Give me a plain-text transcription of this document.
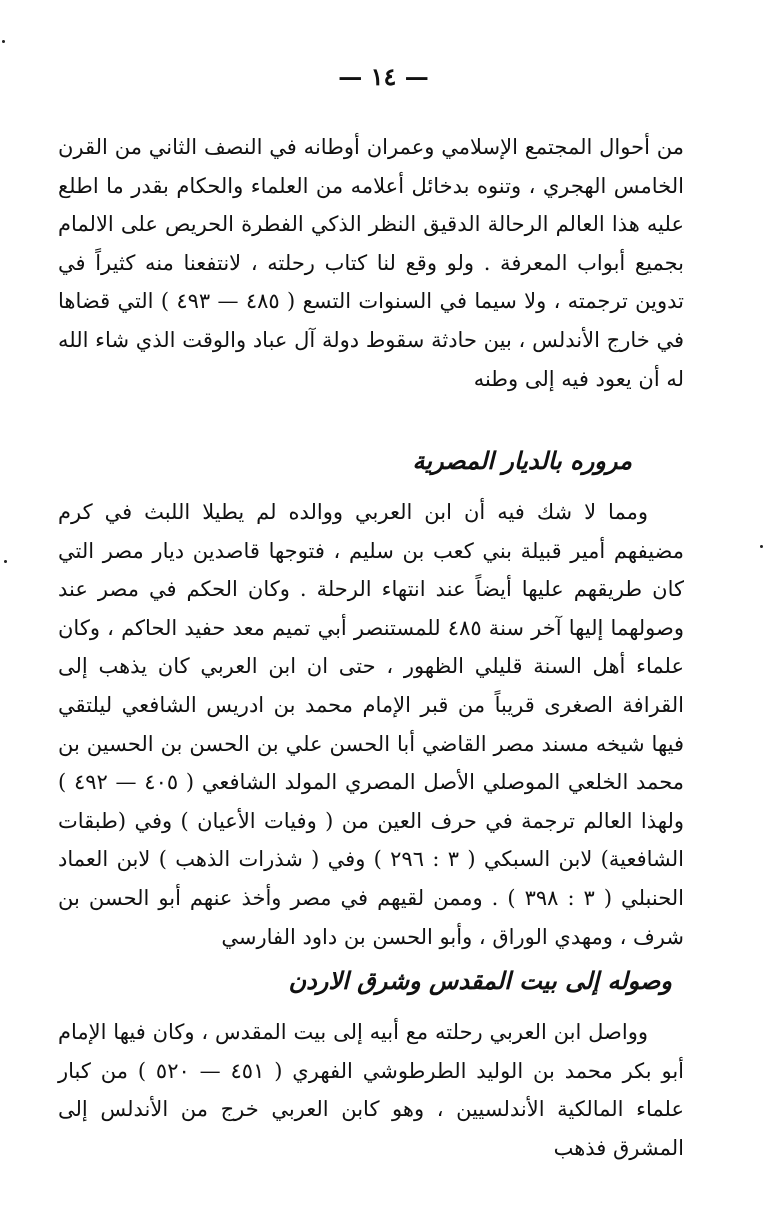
— ١٤ —

من أحوال المجتمع الإسلامي وعمران أوطانه في النصف الثاني من القرن الخامس الهجري ، وتنوه بدخائل أعلامه من العلماء والحكام بقدر ما اطلع عليه هذا العالم الرحالة الدقيق النظر الذكي الفطرة الحريص على الالمام بجميع أبواب المعرفة . ولو وقع لنا كتاب رحلته ، لانتفعنا منه كثيراً في تدوين ترجمته ، ولا سيما في السنوات التسع ( ٤٨٥ — ٤٩٣ ) التي قضاها في خارج الأندلس ، بين حادثة سقوط دولة آل عباد والوقت الذي شاء الله له أن يعود فيه إلى وطنه

مروره بالديار المصرية

ومما لا شك فيه أن ابن العربي ووالده لم يطيلا اللبث في كرم مضيفهم أمير قبيلة بني كعب بن سليم ، فتوجها قاصدين ديار مصر التي كان طريقهم عليها أيضاً عند انتهاء الرحلة . وكان الحكم في مصر عند وصولهما إليها آخر سنة ٤٨٥ للمستنصر أبي تميم معد حفيد الحاكم ، وكان علماء أهل السنة قليلي الظهور ، حتى ان ابن العربي كان يذهب إلى القرافة الصغرى قريباً من قبر الإمام محمد بن ادريس الشافعي ليلتقي فيها شيخه مسند مصر القاضي أبا الحسن علي بن الحسن بن الحسين بن محمد الخلعي الموصلي الأصل المصري المولد الشافعي ( ٤٠٥ — ٤٩٢ ) ولهذا العالم ترجمة في حرف العين من ( وفيات الأعيان ) وفي (طبقات الشافعية) لابن السبكي ( ٣ : ٢٩٦ ) وفي ( شذرات الذهب ) لابن العماد الحنبلي ( ٣ : ٣٩٨ ) . وممن لقيهم في مصر وأخذ عنهم أبو الحسن بن شرف ، ومهدي الوراق ، وأبو الحسن بن داود الفارسي

وصوله إلى بيت المقدس وشرق الاردن

وواصل ابن العربي رحلته مع أبيه إلى بيت المقدس ، وكان فيها الإمام أبو بكر محمد بن الوليد الطرطوشي الفهري ( ٤٥١ — ٥٢٠ ) من كبار علماء المالكية الأندلسيين ، وهو كابن العربي خرج من الأندلس إلى المشرق فذهب
